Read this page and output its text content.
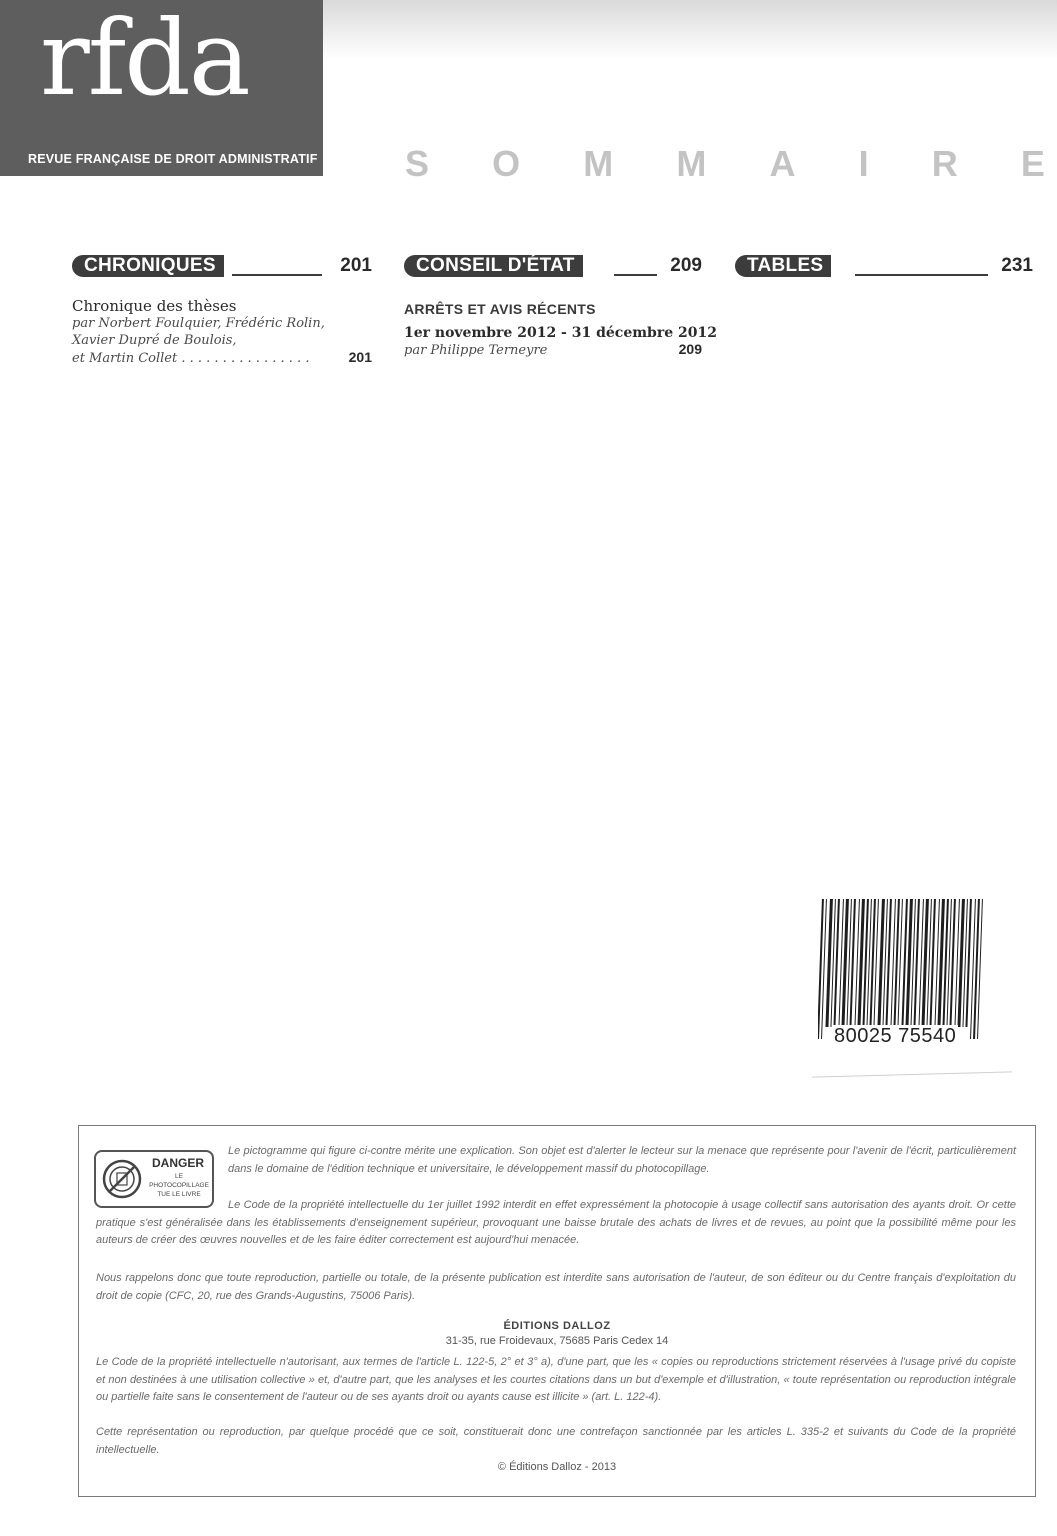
rfda
REVUE FRANÇAISE DE DROIT ADMINISTRATIF S O M M A I R E
CHRONIQUES	201
Chronique des thèses
par Norbert Foulquier, Frédéric Rolin,
Xavier Dupré de Boulois,
et Martin Collet . . . . . . . . . . . . . . . .	201
CONSEIL D'ÉTAT	209
ARRÊTS ET AVIS RÉCENTS
1er novembre 2012 - 31 décembre 2012
par Philippe Terneyre	209
TABLES	231
80025 75540
DANGER
LE
PHOTOCOPILLAGE
TUE LE LIVRE
Le pictogramme qui figure ci-contre mérite une explication. Son objet est d'alerter le lecteur sur la menace que représente pour l'avenir de l'écrit, particulièrement dans le domaine de l'édition technique et universitaire, le développement massif du photocopillage.
Le Code de la propriété intellectuelle du 1er juillet 1992 interdit en effet expressément la photocopie à usage collectif sans autorisation des ayants droit. Or cette pratique s'est généralisée dans les établissements d'enseignement supérieur, provoquant une baisse brutale des achats de livres et de revues, au point que la possibilité même pour les auteurs de créer des œuvres nouvelles et de les faire éditer correctement est aujourd'hui menacée.
Nous rappelons donc que toute reproduction, partielle ou totale, de la présente publication est interdite sans autorisation de l'auteur, de son éditeur ou du Centre français d'exploitation du droit de copie (CFC, 20, rue des Grands-Augustins, 75006 Paris).
ÉDITIONS DALLOZ
31-35, rue Froidevaux, 75685 Paris Cedex 14
Le Code de la propriété intellectuelle n'autorisant, aux termes de l'article L. 122-5, 2° et 3° a), d'une part, que les « copies ou reproductions strictement réservées à l'usage privé du copiste et non destinées à une utilisation collective » et, d'autre part, que les analyses et les courtes citations dans un but d'exemple et d'illustration, « toute représentation ou reproduction intégrale ou partielle faite sans le consentement de l'auteur ou de ses ayants droit ou ayants cause est illicite » (art. L. 122-4).
Cette représentation ou reproduction, par quelque procédé que ce soit, constituerait donc une contrefaçon sanctionnée par les articles L. 335-2 et suivants du Code de la propriété intellectuelle.
© Éditions Dalloz - 2013
